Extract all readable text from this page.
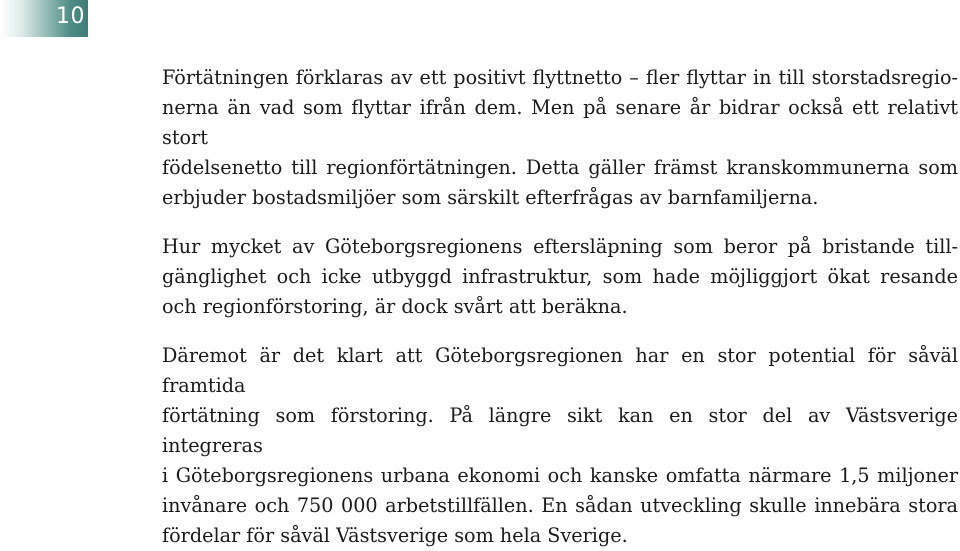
10

Förtätningen förklaras av ett positivt flyttnetto – fler flyttar in till storstadsregio-
nerna än vad som flyttar ifrån dem. Men på senare år bidrar också ett relativt stort
födelsenetto till regionförtätningen. Detta gäller främst kranskommunerna som
erbjuder bostadsmiljöer som särskilt efterfrågas av barnfamiljerna.

Hur mycket av Göteborgsregionens eftersläpning som beror på bristande till-
gänglighet och icke utbyggd infrastruktur, som hade möjliggjort ökat resande
och regionförstoring, är dock svårt att beräkna.

Däremot är det klart att Göteborgsregionen har en stor potential för såväl framtida
förtätning som förstoring. På längre sikt kan en stor del av Västsverige integreras
i Göteborgsregionens urbana ekonomi och kanske omfatta närmare 1,5 miljoner
invånare och 750 000 arbetstillfällen. En sådan utveckling skulle innebära stora
fördelar för såväl Västsverige som hela Sverige.
